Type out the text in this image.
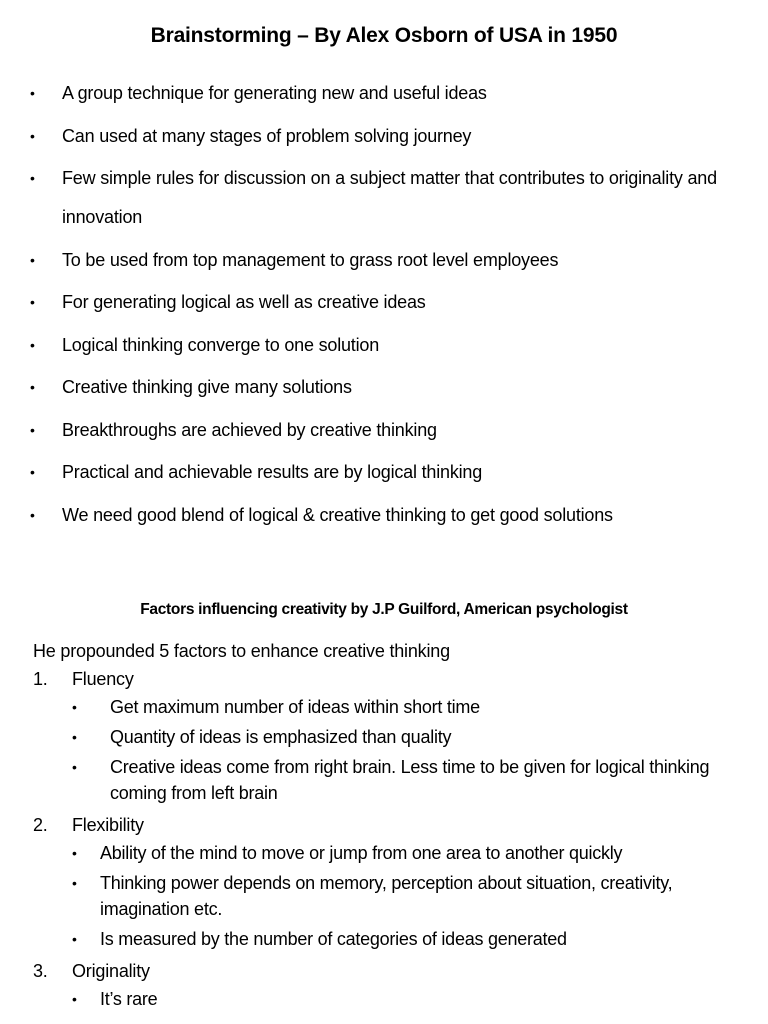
Brainstorming – By Alex Osborn of USA in 1950
• A group technique for generating new and useful ideas
• Can used at many stages of problem solving journey
• Few simple rules for discussion on a subject matter that contributes to originality and innovation
• To be used from top management to grass root level employees
• For generating logical as well as creative ideas
• Logical thinking converge to one solution
• Creative thinking give many solutions
• Breakthroughs are achieved by creative thinking
• Practical and achievable results are by logical thinking
• We need good blend of logical & creative thinking to get good solutions
Factors influencing creativity by J.P Guilford, American psychologist
He propounded 5 factors to enhance creative thinking
1. Fluency
• Get maximum number of ideas within short time
• Quantity of ideas is emphasized than quality
• Creative ideas come from right brain. Less time to be given for logical thinking coming from left brain
2. Flexibility
• Ability of the mind to move or jump from one area to another quickly
• Thinking power depends on memory, perception about situation, creativity, imagination etc.
• Is measured by the number of categories of ideas generated
3. Originality
• It’s rare
